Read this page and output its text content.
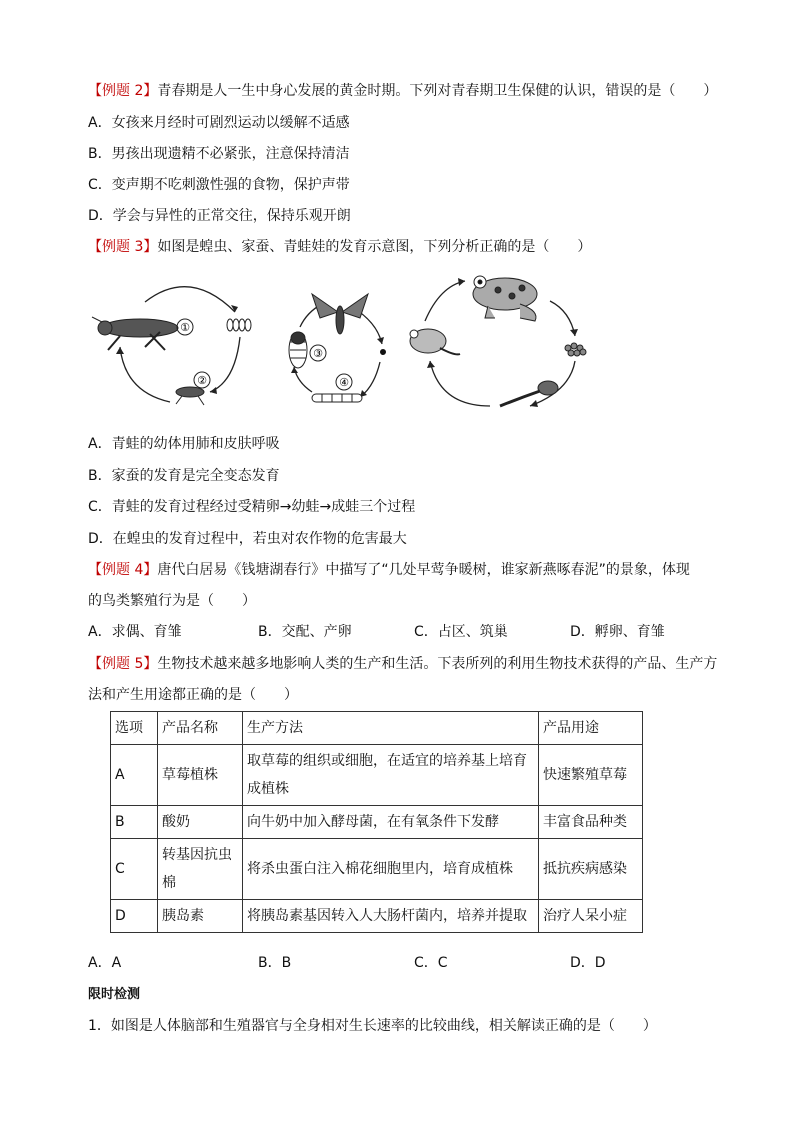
【例题 2】青春期是人一生中身心发展的黄金时期。下列对青春期卫生保健的认识，错误的是（　　）
A．女孩来月经时可剧烈运动以缓解不适感
B．男孩出现遗精不必紧张，注意保持清洁
C．变声期不吃刺激性强的食物，保护声带
D．学会与异性的正常交往，保持乐观开朗
【例题 3】如图是蝗虫、家蚕、青蛙娃的发育示意图，下列分析正确的是（　　）
①
②
③
④
A．青蛙的幼体用肺和皮肤呼吸
B．家蚕的发育是完全变态发育
C．青蛙的发育过程经过受精卵→幼蛙→成蛙三个过程
D．在蝗虫的发育过程中，若虫对农作物的危害最大
【例题 4】唐代白居易《钱塘湖春行》中描写了“几处早莺争暖树，谁家新燕啄春泥”的景象，体现
的鸟类繁殖行为是（　　）
A．求偶、育雏	B．交配、产卵	C．占区、筑巢	D．孵卵、育雏
【例题 5】生物技术越来越多地影响人类的生产和生活。下表所列的利用生物技术获得的产品、生产方
法和产生用途都正确的是（　　）
选项	产品名称	生产方法	产品用途
A	草莓植株	取草莓的组织或细胞，在适宜的培养基上培育成植株	快速繁殖草莓
B	酸奶	向牛奶中加入酵母菌，在有氧条件下发酵	丰富食品种类
C	转基因抗虫棉	将杀虫蛋白注入棉花细胞里内，培育成植株	抵抗疾病感染
D	胰岛素	将胰岛素基因转入人大肠杆菌内，培养并提取	治疗人呆小症
A．A	B．B	C．C	D．D
限时检测
1．如图是人体脑部和生殖器官与全身相对生长速率的比较曲线，相关解读正确的是（　　）
